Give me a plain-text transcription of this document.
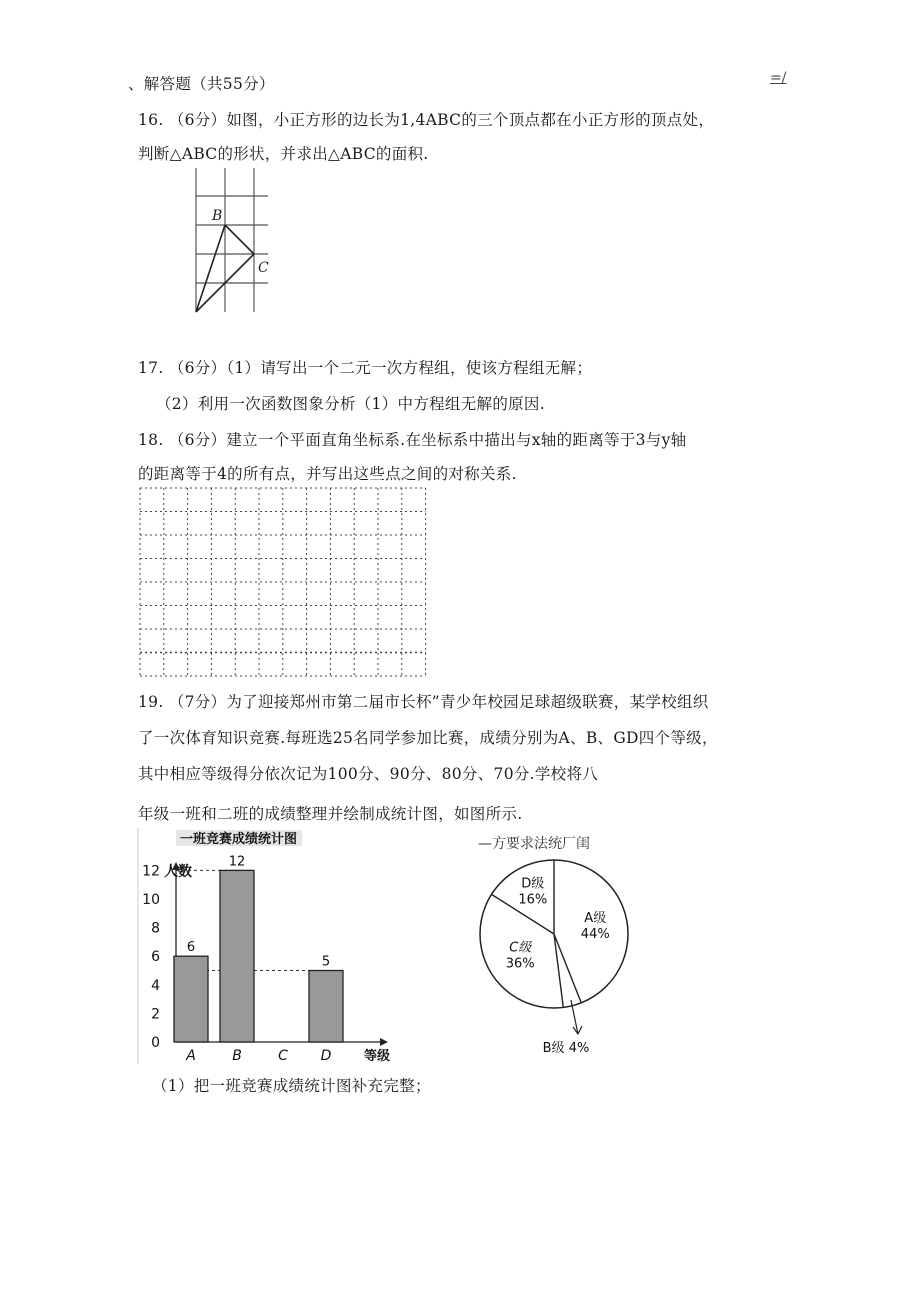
、解答题（共55分）	=/
16. （6分）如图，小正方形的边长为1,4ABC的三个顶点都在小正方形的顶点处，
判断△ABC的形状，并求出△ABC的面积.
B
C
17. （6分）（1）请写出一个二元一次方程组，使该方程组无解；
（2）利用一次函数图象分析（1）中方程组无解的原因.
18. （6分）建立一个平面直角坐标系.在坐标系中描出与x轴的距离等于3与y轴
的距离等于4的所有点，并写出这些点之间的对称关系.
19. （7分）为了迎接郑州市第二届市长杯”青少年校园足球超级联赛，某学校组织
了一次体育知识竞赛.每班选25名同学参加比赛，成绩分别为A、B、GD四个等级，
其中相应等级得分依次记为100分、90分、80分、70分.学校将八
年级一班和二班的成绩整理并绘制成统计图，如图所示.
一班竞赛成绩统计图
人数
等级
0
2
4
6
8
10
12
6
A
12
B	C
5
D
—方要求法统厂闺
A级
44%
C级
36%
D级
16%
B级 4%
（1）把一班竞赛成绩统计图补充完整；
